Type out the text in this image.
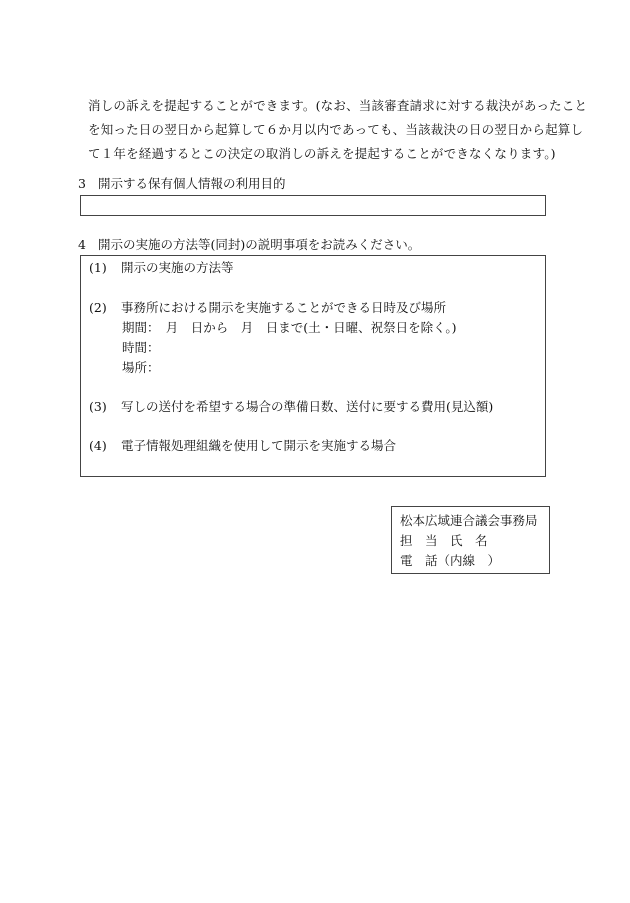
消しの訴えを提起することができます。(なお、当該審査請求に対する裁決があったこと
を知った日の翌日から起算して６か月以内であっても、当該裁決の日の翌日から起算し
て１年を経過するとこの決定の取消しの訴えを提起することができなくなります。)
3 開示する保有個人情報の利用目的
4 開示の実施の方法等(同封)の説明事項をお読みください。
(1) 開示の実施の方法等
(2) 事務所における開示を実施することができる日時及び場所
期間：　月　日から　月　日まで(土・日曜、祝祭日を除く。)
時間：
場所：
(3) 写しの送付を希望する場合の準備日数、送付に要する費用(見込額)
(4) 電子情報処理組織を使用して開示を実施する場合
松本広域連合議会事務局
担　当　氏　名
電　話（内線　）
